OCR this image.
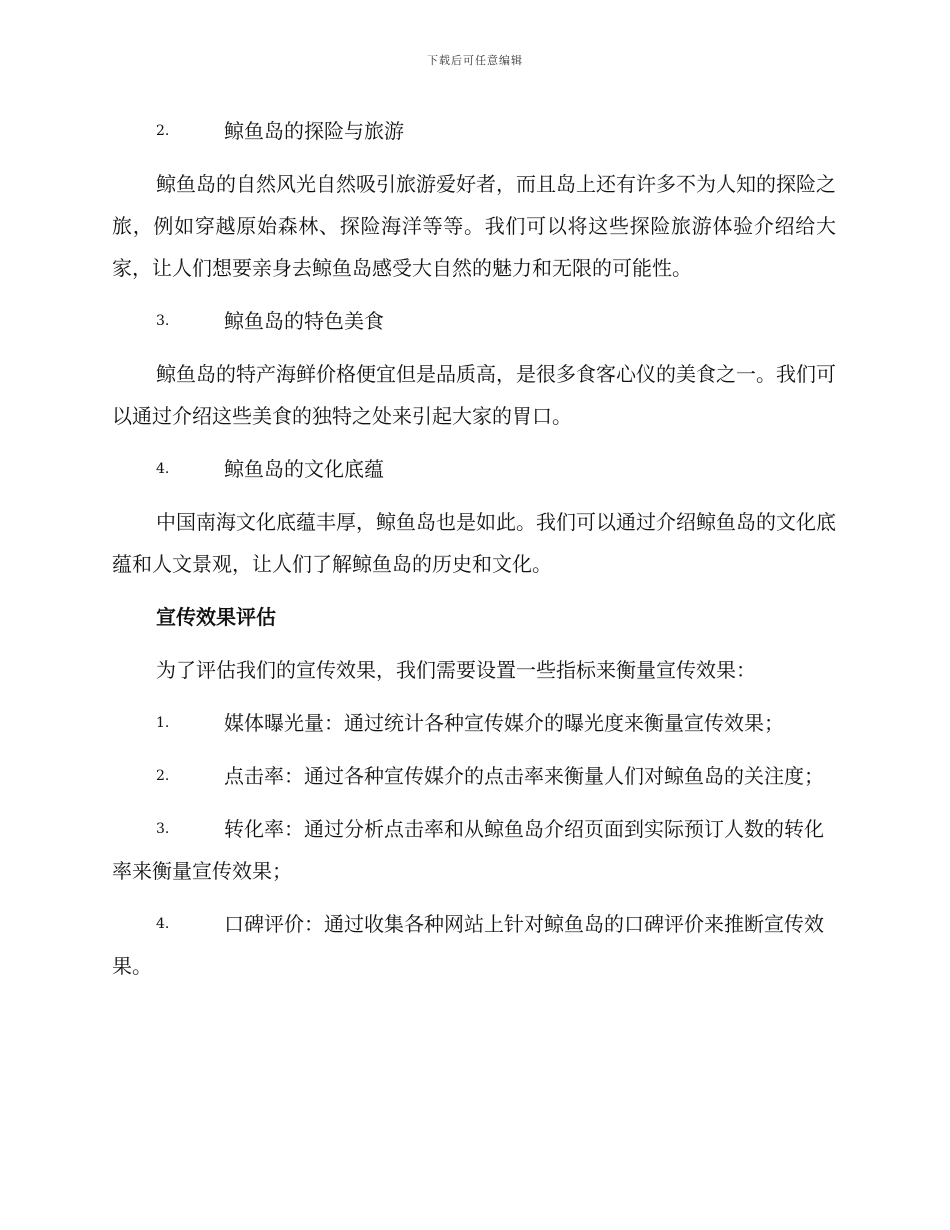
下载后可任意编辑
2.	鲸鱼岛的探险与旅游

鲸鱼岛的自然风光自然吸引旅游爱好者，而且岛上还有许多不为人知的探险之旅，例如穿越原始森林、探险海洋等等。我们可以将这些探险旅游体验介绍给大家，让人们想要亲身去鲸鱼岛感受大自然的魅力和无限的可能性。

3.	鲸鱼岛的特色美食

鲸鱼岛的特产海鲜价格便宜但是品质高，是很多食客心仪的美食之一。我们可以通过介绍这些美食的独特之处来引起大家的胃口。

4.	鲸鱼岛的文化底蕴

中国南海文化底蕴丰厚，鲸鱼岛也是如此。我们可以通过介绍鲸鱼岛的文化底蕴和人文景观，让人们了解鲸鱼岛的历史和文化。

宣传效果评估

为了评估我们的宣传效果，我们需要设置一些指标来衡量宣传效果：

1.	媒体曝光量：通过统计各种宣传媒介的曝光度来衡量宣传效果；
2.	点击率：通过各种宣传媒介的点击率来衡量人们对鲸鱼岛的关注度；
3.	转化率：通过分析点击率和从鲸鱼岛介绍页面到实际预订人数的转化率来衡量宣传效果；
4.	口碑评价：通过收集各种网站上针对鲸鱼岛的口碑评价来推断宣传效果。
